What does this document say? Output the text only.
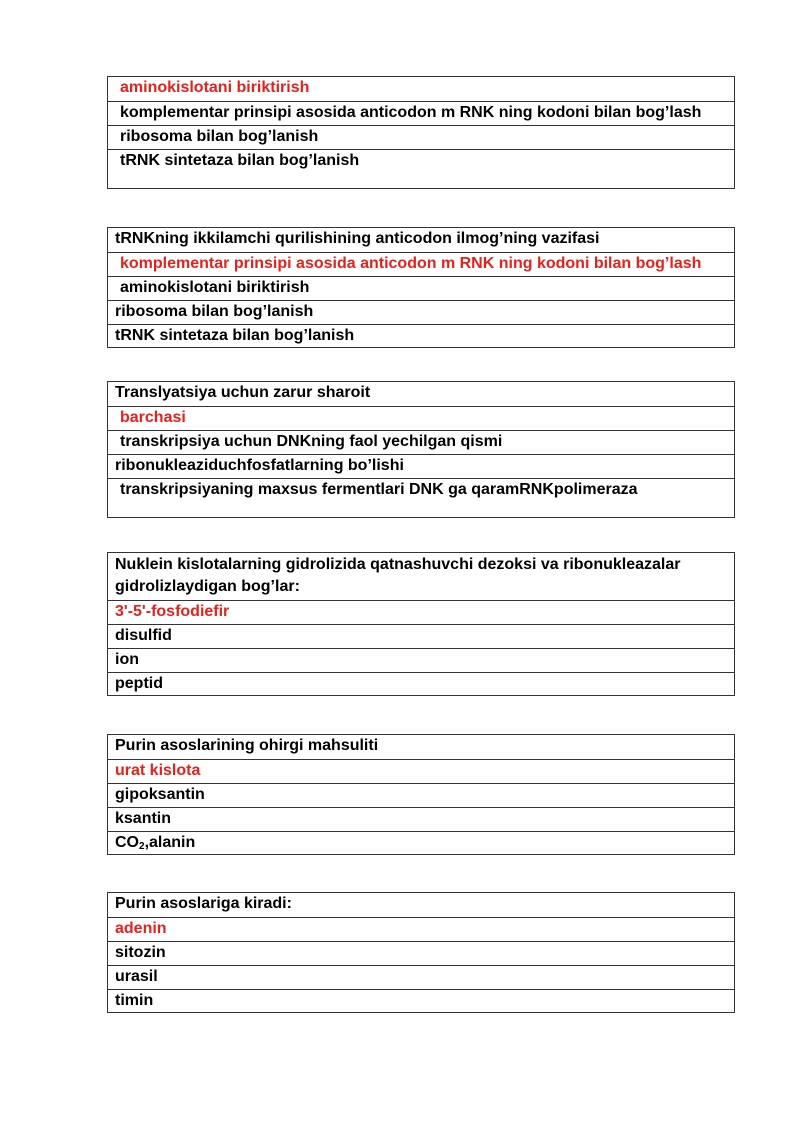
aminokislotani biriktirish
komplementar prinsipi asosida anticodon m RNK ning kodoni bilan bog’lash
ribosoma bilan bog’lanish
tRNK sintetaza bilan bog’lanish
tRNKning ikkilamchi qurilishining anticodon ilmog’ning vazifasi
komplementar prinsipi asosida anticodon m RNK ning kodoni bilan bog’lash
aminokislotani biriktirish
ribosoma bilan bog’lanish
tRNK sintetaza bilan bog’lanish
Translyatsiya uchun zarur sharoit
barchasi
transkripsiya uchun DNKning faol yechilgan qismi
ribonukleaziduchfosfatlarning bo’lishi
transkripsiyaning maxsus fermentlari DNK ga qaramRNKpolimeraza
Nuklein kislotalarning gidrolizida qatnashuvchi dezoksi va ribonukleazalar gidrolizlaydigan bog’lar:
3'-5'-fosfodiefir
disulfid
ion
peptid
Purin asoslarining ohirgi mahsuliti
urat kislota
gipoksantin
ksantin
$CO_2,alanin$
Purin asoslariga kiradi:
adenin
sitozin
urasil
timin
